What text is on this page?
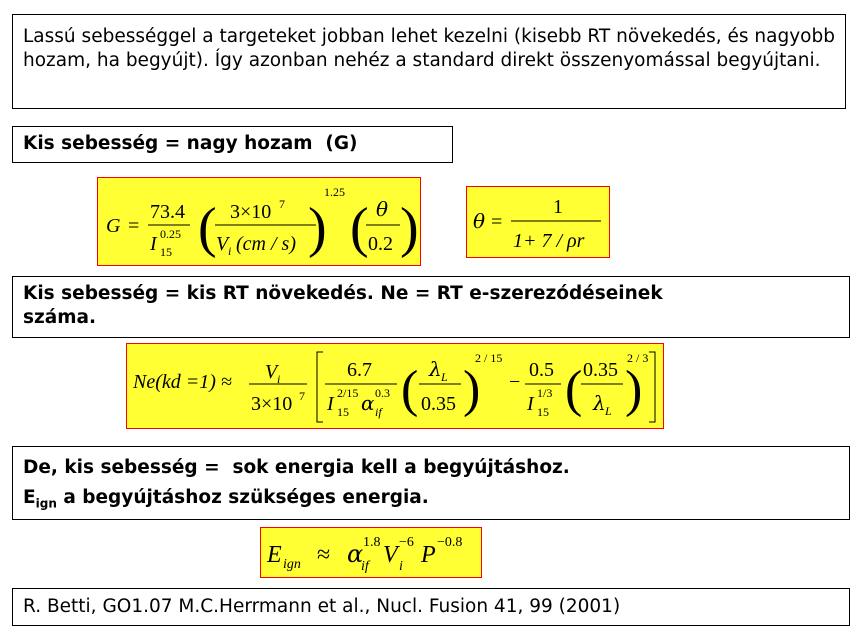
Lassú sebességgel a targeteket jobban lehet kezelni (kisebb RT növekedés, és nagyobb hozam, ha begyújt). Így azonban nehéz a standard direkt összenyomással begyújtani.
Kis sebesség = nagy hozam  (G)
G =
73.4
I 0.25
15 ( 3×10 7
V i (cm / s) )
1.25
( θ
0.2 )	θ =
1
1+ 7 / ρr
Kis sebesség = kis RT növekedés. Ne = RT e-szerezódéseinek
száma.
Ne(kd =1) ≈ V i
3×10 7
6.7
I 2/15
15 α 0.3
if ( λ L
0.35 )
2 / 15
−
0.5
I 1/3
15 ( 0.35
λ L )
2 / 3
De, kis sebesség =  sok energia kell a begyújtáshoz.
$E_{ign}$ a begyújtáshoz szükséges energia.
E ign ≈ α 1.8
if V −6
i P −0.8
R. Betti, GO1.07 M.C.Herrmann et al., Nucl. Fusion 41, 99 (2001)
